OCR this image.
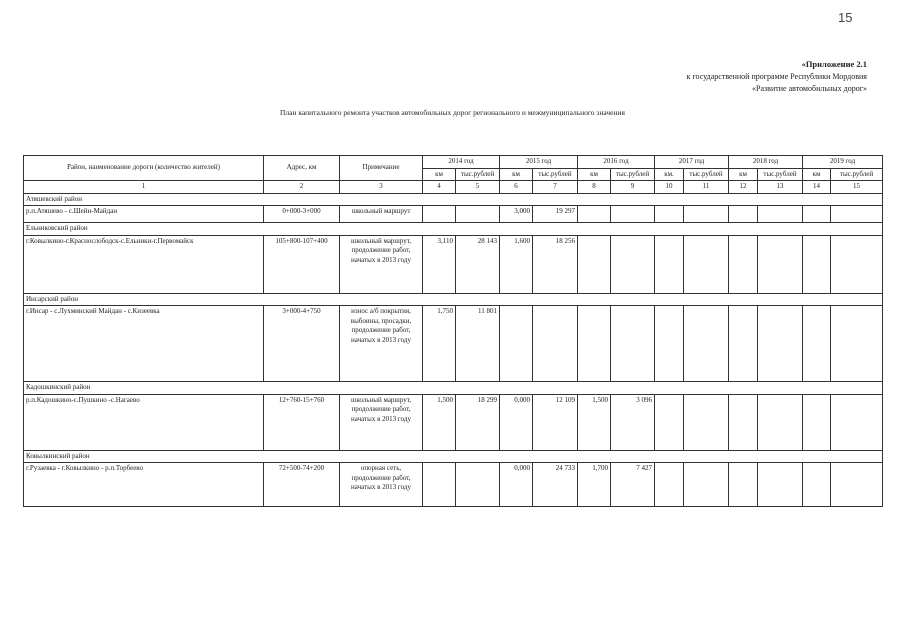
15
«Приложение 2.1
к государственной программе Республики Мордовия
«Развитие автомобильных дорог»
План капитального ремонта участков автомобильных дорог регионального и межмуниципального значения
Район, наименование дороги (количество жителей)	Адрес, км	Примечание	2014 год		2015 год		2016 год		2017 год		2018 год		2019 год	
			км	тыс.рублей	км	тыс.рублей	км	тыс.рублей	км.	тыс.рублей	км	тыс.рублей	км	тыс.рублей
1	2	3	4	5	6	7	8	9	10	11	12	13	14	15
Атяшевский район														
р.п.Атяшево - с.Шейн-Майдан	0+000-3+000	школьный маршрут			3,000	19 297								
Ельниковский район														
г.Ковылкино-г.Краснослободск-с.Ельники-г.Первомайск	105+800-107+400	школьный маршрут, продолжение работ, начатых в 2013 году	3,110	28 143	1,600	18 256								
Инсарский район														
г.Инсар - с.Лухминский Майдан - с.Кизеевка	3+000-4+750	износ а/б покрытия, выбоины, просадки, продолжение работ, начатых в 2013 году	1,750	11 801										
Кадошкинский район														
р.п.Кадошкино-с.Пушкино -с.Нагаево	12+760-15+760	школьный маршрут, продолжение работ, начатых в 2013 году	1,500	18 299	0,000	12 109	1,500	3 096						
Ковылкинский район														
г.Рузаевка - г.Ковылкино - р.п.Торбеево	72+500-74+200	опорная сеть, продолжение работ, начатых в 2013 году			0,000	24 733	1,700	7 427						
